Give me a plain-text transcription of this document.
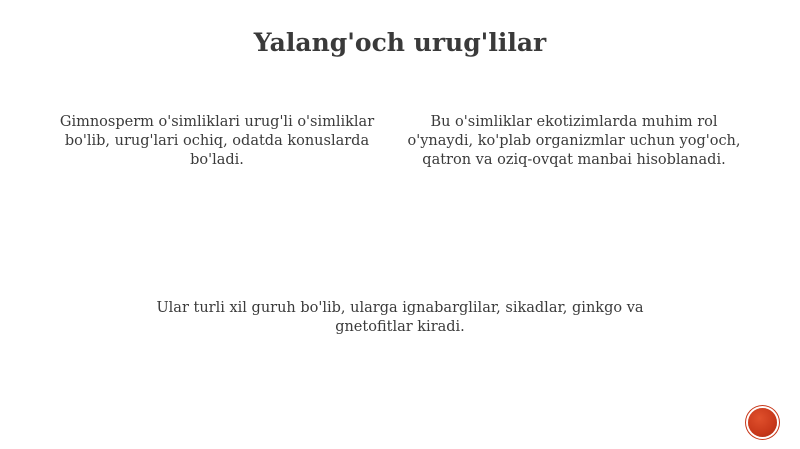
Yalang'och urug'lilar

Gimnosperm o'simliklari urug'li o'simliklar bo'lib, urug'lari ochiq, odatda konuslarda bo'ladi.

Bu o'simliklar ekotizimlarda muhim rol o'ynaydi, ko'plab organizmlar uchun yog'och, qatron va oziq-ovqat manbai hisoblanadi.

Ular turli xil guruh bo'lib, ularga ignabarglilar, sikadlar, ginkgo va gnetofitlar kiradi.
